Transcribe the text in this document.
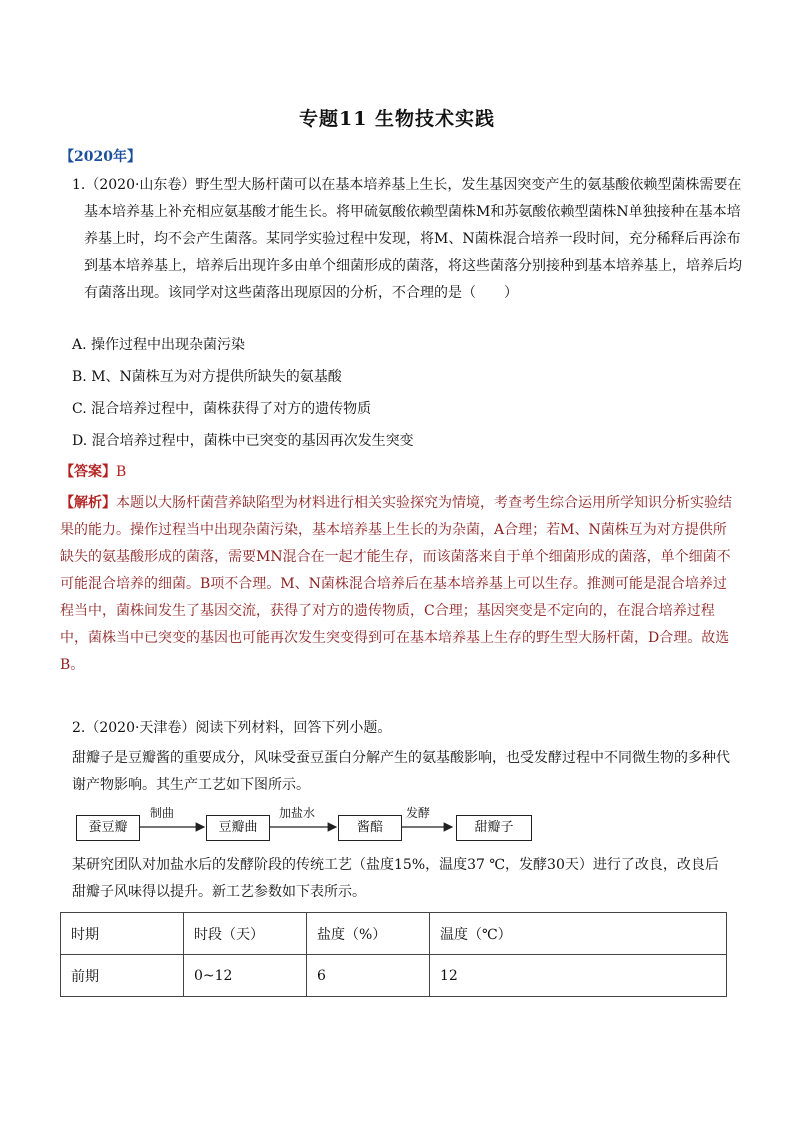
专题11 生物技术实践
【2020年】
1.（2020·山东卷）野生型大肠杆菌可以在基本培养基上生长，发生基因突变产生的氨基酸依赖型菌株需要在基本培养基上补充相应氨基酸才能生长。将甲硫氨酸依赖型菌株M和苏氨酸依赖型菌株N单独接种在基本培养基上时，均不会产生菌落。某同学实验过程中发现，将M、N菌株混合培养一段时间，充分稀释后再涂布到基本培养基上，培养后出现许多由单个细菌形成的菌落，将这些菌落分别接种到基本培养基上，培养后均有菌落出现。该同学对这些菌落出现原因的分析，不合理的是（　　）
A. 操作过程中出现杂菌污染
B. M、N菌株互为对方提供所缺失的氨基酸
C. 混合培养过程中，菌株获得了对方的遗传物质
D. 混合培养过程中，菌株中已突变的基因再次发生突变
【答案】B
【解析】本题以大肠杆菌营养缺陷型为材料进行相关实验探究为情境，考查考生综合运用所学知识分析实验结果的能力。操作过程当中出现杂菌污染，基本培养基上生长的为杂菌，A合理；若M、N菌株互为对方提供所缺失的氨基酸形成的菌落，需要MN混合在一起才能生存，而该菌落来自于单个细菌形成的菌落，单个细菌不可能混合培养的细菌。B项不合理。M、N菌株混合培养后在基本培养基上可以生存。推测可能是混合培养过程当中，菌株间发生了基因交流，获得了对方的遗传物质，C合理；基因突变是不定向的，在混合培养过程中，菌株当中已突变的基因也可能再次发生突变得到可在基本培养基上生存的野生型大肠杆菌，D合理。故选B。
2.（2020·天津卷）阅读下列材料，回答下列小题。
甜瓣子是豆瓣酱的重要成分，风味受蚕豆蛋白分解产生的氨基酸影响，也受发酵过程中不同微生物的多种代谢产物影响。其生产工艺如下图所示。
蚕豆瓣
制曲
豆瓣曲
加盐水
酱醅
发酵
甜瓣子
某研究团队对加盐水后的发酵阶段的传统工艺（盐度15%，温度37 ℃，发酵30天）进行了改良，改良后甜瓣子风味得以提升。新工艺参数如下表所示。
时期	时段（天）	盐度（%）	温度（℃）
前期	0~12	6	12
